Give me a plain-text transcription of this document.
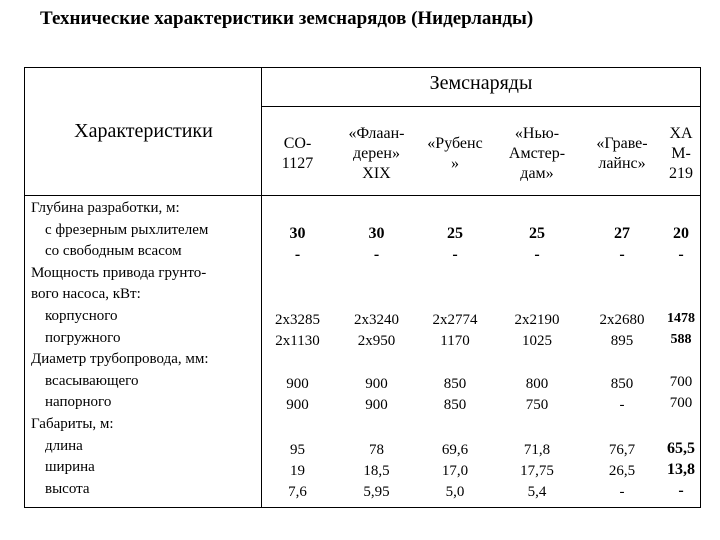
Технические характеристики земснарядов (Нидерланды)
Земснаряды
Характеристики
СО-
1127
«Флаан-
дерен»
XIX
«Рубенс
»
«Нью-
Амстер-
дам»
«Граве-
лайнс»
ХА
М-
219
Глубина разработки, м:
с фрезерным рыхлителем
со свободным всасом
Мощность привода грунто-
вого насоса, кВт:
корпусного
погружного
Диаметр трубопровода, мм:
всасывающего
напорного
Габариты, м:
длина
ширина
высота
30
-
30
-
25
-
25
-
27
-
20
-
2х3285
2х1130
2х3240
2х950
2х2774
1170
2х2190
1025
2х2680
895
1478
588
900
900
900
900
850
850
800
750
850
-
700
700
95
19
7,6
78
18,5
5,95
69,6
17,0
5,0
71,8
17,75
5,4
76,7
26,5
-
65,5
13,8
-
